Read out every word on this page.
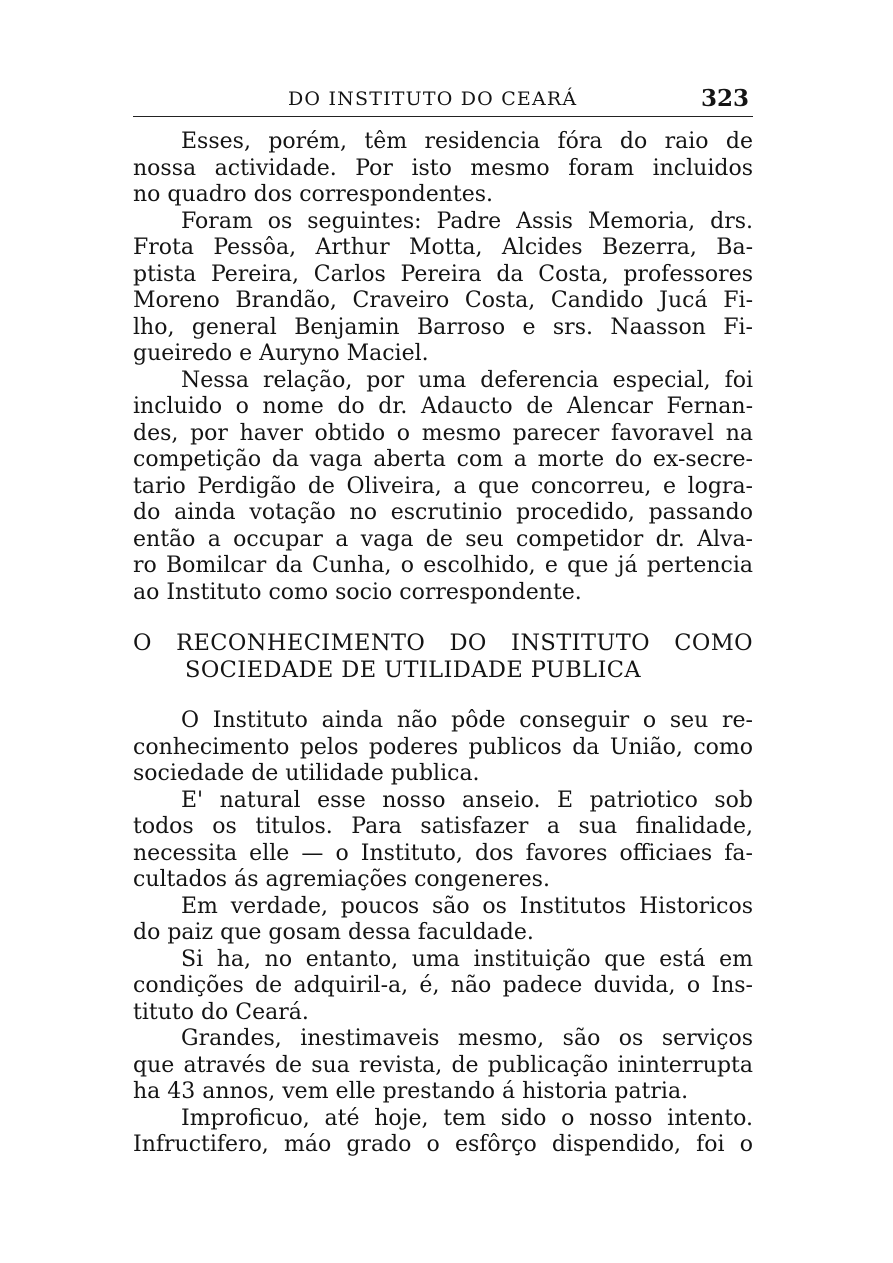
DO INSTITUTO DO CEARÁ	323
Esses, porém, têm residencia fóra do raio de
nossa actividade. Por isto mesmo foram incluidos
no quadro dos correspondentes.
Foram os seguintes: Padre Assis Memoria, drs.
Frota Pessôa, Arthur Motta, Alcides Bezerra, Ba-
ptista Pereira, Carlos Pereira da Costa, professores
Moreno Brandão, Craveiro Costa, Candido Jucá Fi-
lho, general Benjamin Barroso e srs. Naasson Fi-
gueiredo e Auryno Maciel.
Nessa relação, por uma deferencia especial, foi
incluido o nome do dr. Adaucto de Alencar Fernan-
des, por haver obtido o mesmo parecer favoravel na
competição da vaga aberta com a morte do ex-secre-
tario Perdigão de Oliveira, a que concorreu, e logra-
do ainda votação no escrutinio procedido, passando
então a occupar a vaga de seu competidor dr. Alva-
ro Bomilcar da Cunha, o escolhido, e que já pertencia
ao Instituto como socio correspondente.
O RECONHECIMENTO DO INSTITUTO COMO
SOCIEDADE DE UTILIDADE PUBLICA
O Instituto ainda não pôde conseguir o seu re-
conhecimento pelos poderes publicos da União, como
sociedade de utilidade publica.
E' natural esse nosso anseio. E patriotico sob
todos os titulos. Para satisfazer a sua finalidade,
necessita elle — o Instituto, dos favores officiaes fa-
cultados ás agremiações congeneres.
Em verdade, poucos são os Institutos Historicos
do paiz que gosam dessa faculdade.
Si ha, no entanto, uma instituição que está em
condições de adquiril-a, é, não padece duvida, o Ins-
tituto do Ceará.
Grandes, inestimaveis mesmo, são os serviços
que através de sua revista, de publicação ininterrupta
ha 43 annos, vem elle prestando á historia patria.
Improficuo, até hoje, tem sido o nosso intento.
Infructifero, máo grado o esfôrço dispendido, foi o
